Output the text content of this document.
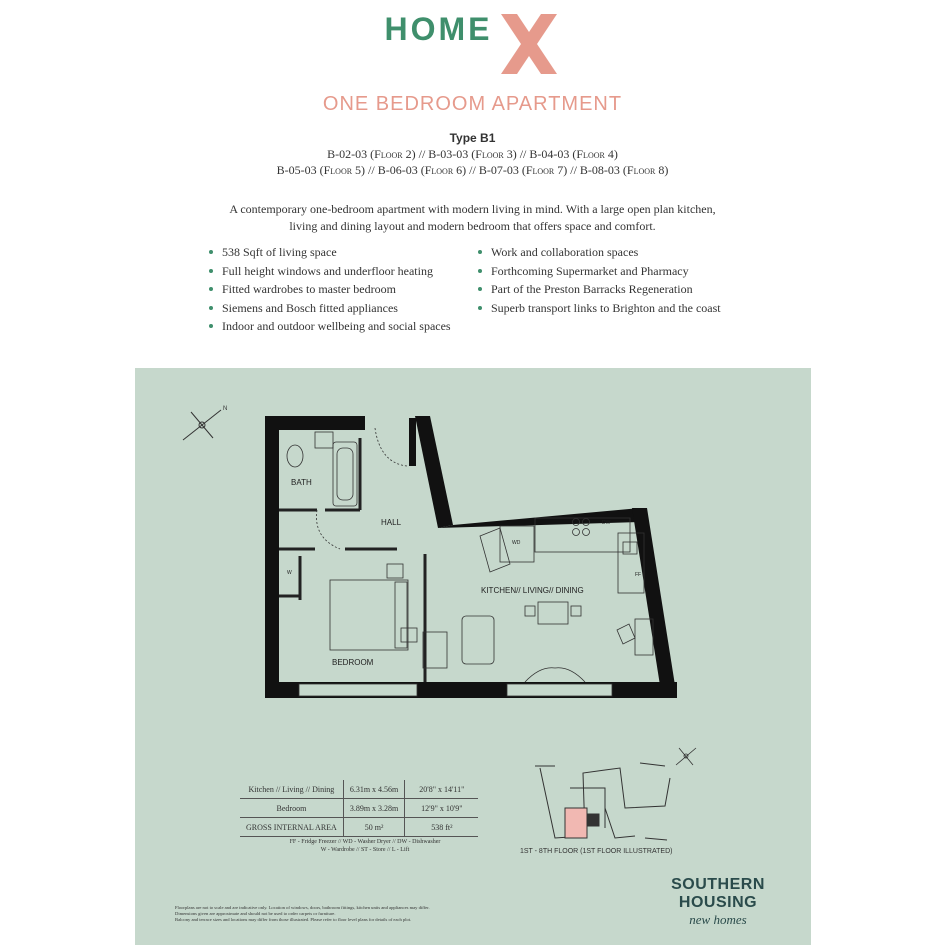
HOME
ONE BEDROOM APARTMENT
Type B1
B-02-03 (Floor 2) // B-03-03 (Floor 3) // B-04-03 (Floor 4)
B-05-03 (Floor 5) // B-06-03 (Floor 6) // B-07-03 (Floor 7) // B-08-03 (Floor 8)
A contemporary one-bedroom apartment with modern living in mind. With a large open plan kitchen,
living and dining layout and modern bedroom that offers space and comfort.
538 Sqft of living space
Full height windows and underfloor heating
Fitted wardrobes to master bedroom
Siemens and Bosch fitted appliances
Indoor and outdoor wellbeing and social spaces
Work and collaboration spaces
Forthcoming Supermarket and Pharmacy
Part of the Preston Barracks Regeneration
Superb transport links to Brighton and the coast
N
BATH
HALL
KITCHEN// LIVING// DINING
BEDROOM
WD
DW
FF
W
Kitchen // Living // Dining	6.31m x 4.56m	20'8" x 14'11"
Bedroom	3.89m x 3.28m	12'9" x 10'9"
GROSS INTERNAL AREA	50 m²	538 ft²
FF - Fridge Freezer // WD - Washer Dryer // DW - Dishwasher
W - Wardrobe // ST - Store // L - Lift	1ST - 8TH FLOOR (1ST FLOOR ILLUSTRATED)
SOUTHERN
HOUSING
new homes
Floorplans are not to scale and are indicative only. Location of windows, doors, bathroom fittings, kitchen units and appliances may differ.
Dimensions given are approximate and should not be used to order carpets or furniture.
Balcony and terrace sizes and locations may differ from those illustrated. Please refer to floor level plans for details of each plot.
